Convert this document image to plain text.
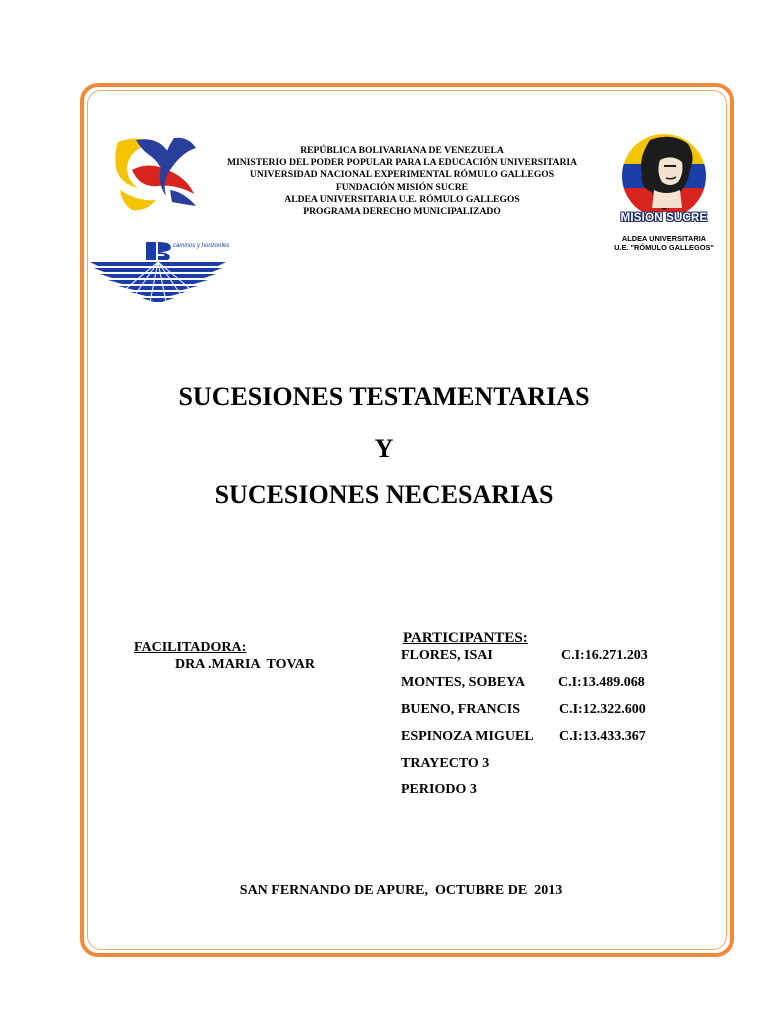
caminos y horizontes
REPÚBLICA BOLIVARIANA DE VENEZUELA
MINISTERIO DEL PODER POPULAR PARA LA EDUCACIÓN UNIVERSITARIA
UNIVERSIDAD NACIONAL EXPERIMENTAL RÓMULO GALLEGOS
FUNDACIÓN MISIÓN SUCRE
ALDEA UNIVERSITARIA U.E. RÓMULO GALLEGOS
PROGRAMA DERECHO MUNICIPALIZADO
MISION SUCRE
ALDEA UNIVERSITARIA
U.E. "RÓMULO GALLEGOS"
SUCESIONES TESTAMENTARIAS
Y
SUCESIONES NECESARIAS
FACILITADORA:
DRA .MARIA  TOVAR
PARTICIPANTES:
FLORES, ISAI	C.I:16.271.203
MONTES, SOBEYA C.I:13.489.068
BUENO, FRANCIS	C.I:12.322.600
ESPINOZA MIGUEL C.I:13.433.367
TRAYECTO 3
PERIODO 3
SAN FERNANDO DE APURE,  OCTUBRE DE  2013
